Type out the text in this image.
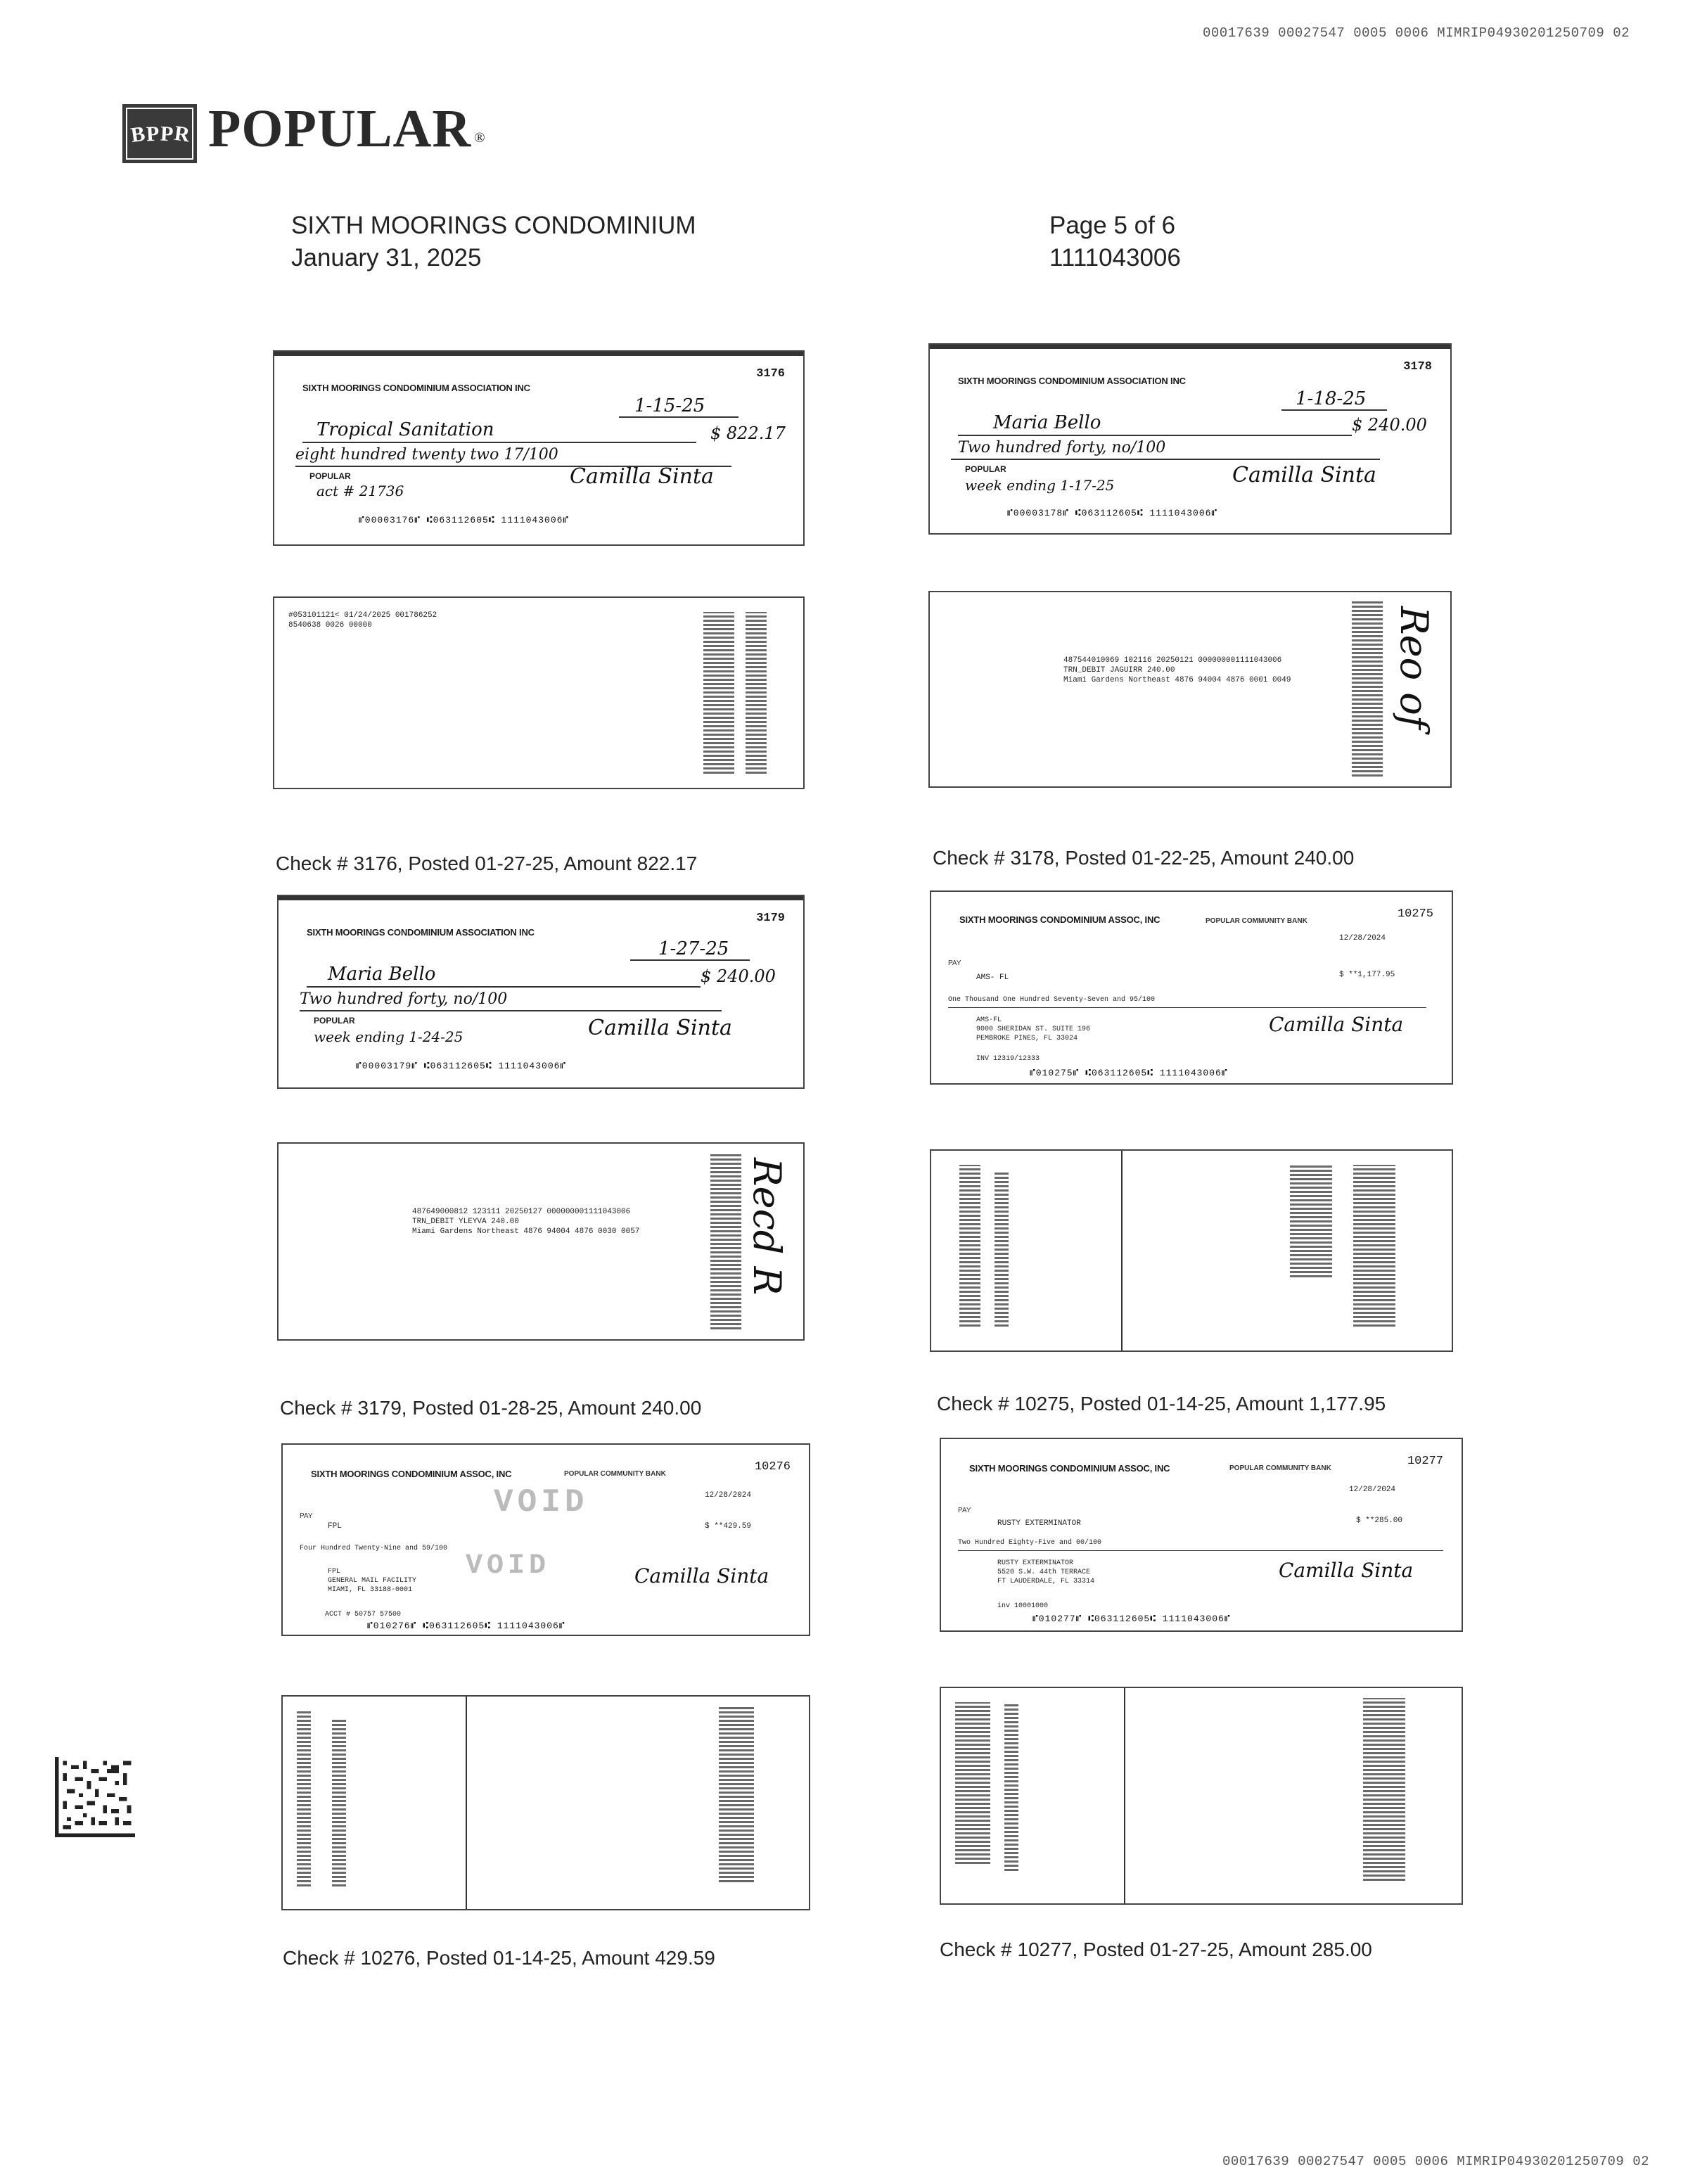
00017639 00027547 0005 0006 MIMRIP04930201250709 02
B
P P
R POPULAR ®
SIXTH MOORINGS CONDOMINIUM
January 31, 2025
Page 5 of 6
1111043006
3176
SIXTH MOORINGS CONDOMINIUM ASSOCIATION INC
1-15-25
Tropical Sanitation	$ 822.17
eight hundred twenty two 17/100
POPULAR
act # 21736
Camilla Sinta
⑈00003176⑈ ⑆063112605⑆ 1111043006⑈
#053101121< 01/24/2025 001786252
8540638 0026 00000
Check # 3176, Posted 01-27-25, Amount 822.17
3178
SIXTH MOORINGS CONDOMINIUM ASSOCIATION INC
1-18-25
Maria Bello	$ 240.00
Two hundred forty, no/100
POPULAR
week ending 1-17-25	Camilla Sinta
⑈00003178⑈ ⑆063112605⑆ 1111043006⑈
487544010069 102116 20250121 000000001111043006
TRN_DEBIT JAGUIRR 240.00
Miami Gardens Northeast 4876 94004 4876 0001 0049	Reo of
Check # 3178, Posted 01-22-25, Amount 240.00
3179
SIXTH MOORINGS CONDOMINIUM ASSOCIATION INC
1-27-25
Maria Bello	$ 240.00
Two hundred forty, no/100
POPULAR
week ending 1-24-25	Camilla Sinta
⑈00003179⑈ ⑆063112605⑆ 1111043006⑈
487649000812 123111 20250127 000000001111043006
TRN_DEBIT YLEYVA 240.00
Miami Gardens Northeast 4876 94004 4876 0030 0057	Recd R
Check # 3179, Posted 01-28-25, Amount 240.00
10275
SIXTH MOORINGS CONDOMINIUM ASSOC, INC	POPULAR COMMUNITY BANK
12/28/2024
PAY
AMS- FL	$ **1,177.95
One Thousand One Hundred Seventy-Seven and 95/100
AMS-FL
9000 SHERIDAN ST. SUITE 196
PEMBROKE PINES, FL 33024
Camilla Sinta
INV 12319/12333
⑈010275⑈ ⑆063112605⑆ 1111043006⑈
Check # 10275, Posted 01-14-25, Amount 1,177.95
10276
SIXTH MOORINGS CONDOMINIUM ASSOC, INC	POPULAR COMMUNITY BANK
12/28/2024
PAY
FPL	$ **429.59
Four Hundred Twenty-Nine and 59/100
FPL
GENERAL MAIL FACILITY
MIAMI, FL 33188-0001
VOID
VOID	Camilla Sinta
ACCT # 50757 57500
⑈010276⑈ ⑆063112605⑆ 1111043006⑈
Check # 10276, Posted 01-14-25, Amount 429.59
10277
SIXTH MOORINGS CONDOMINIUM ASSOC, INC	POPULAR COMMUNITY BANK
12/28/2024
PAY
RUSTY EXTERMINATOR	$ **285.00
Two Hundred Eighty-Five and 00/100
RUSTY EXTERMINATOR
5520 S.W. 44th TERRACE
FT LAUDERDALE, FL 33314	Camilla Sinta
inv 10001000
⑈010277⑈ ⑆063112605⑆ 1111043006⑈
Check # 10277, Posted 01-27-25, Amount 285.00
00017639 00027547 0005 0006 MIMRIP04930201250709 02
